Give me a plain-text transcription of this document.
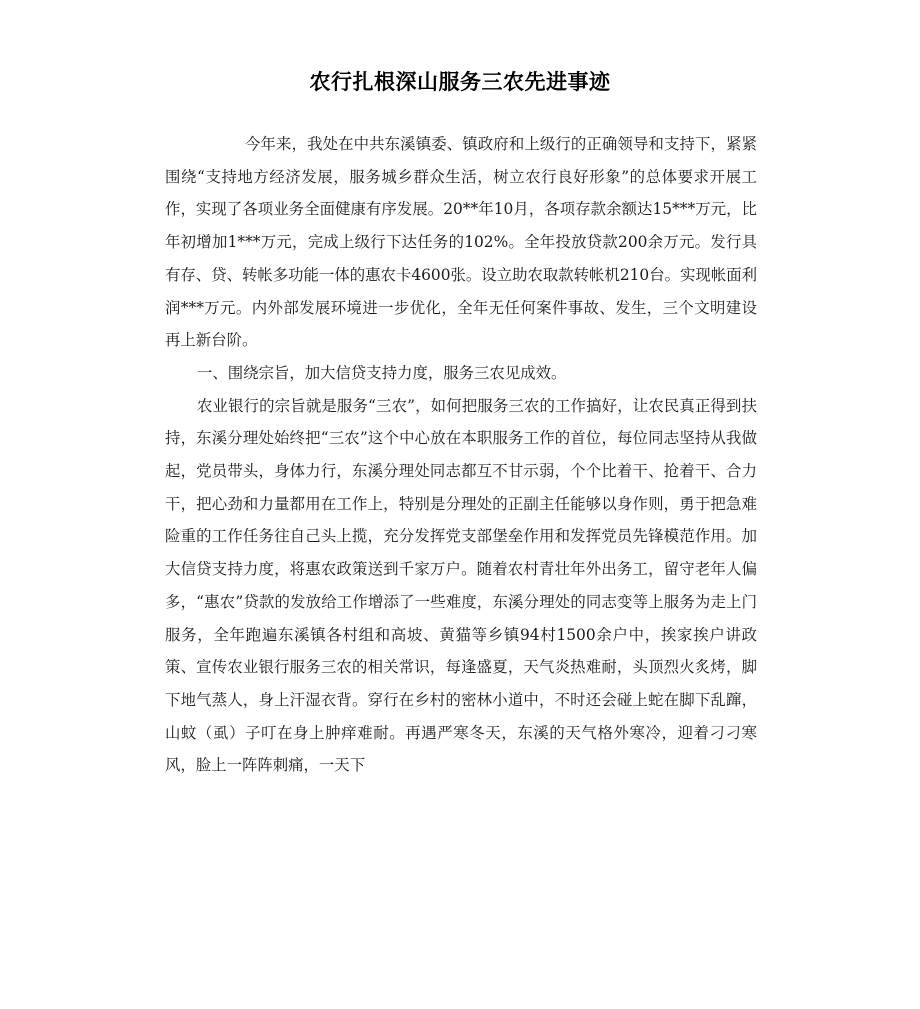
农行扎根深山服务三农先进事迹

今年来，我处在中共东溪镇委、镇政府和上级行的正确领导和支持下，紧紧围绕“支持地方经济发展，服务城乡群众生活，树立农行良好形象”的总体要求开展工作，实现了各项业务全面健康有序发展。20**年10月，各项存款余额达15***万元，比年初增加1***万元，完成上级行下达任务的102%。全年投放贷款200余万元。发行具有存、贷、转帐多功能一体的惠农卡4600张。设立助农取款转帐机210台。实现帐面利润***万元。内外部发展环境进一步优化，全年无任何案件事故、发生，三个文明建设再上新台阶。

一、围绕宗旨，加大信贷支持力度，服务三农见成效。

农业银行的宗旨就是服务“三农”，如何把服务三农的工作搞好，让农民真正得到扶持，东溪分理处始终把“三农”这个中心放在本职服务工作的首位，每位同志坚持从我做起，党员带头，身体力行，东溪分理处同志都互不甘示弱，个个比着干、抢着干、合力干，把心劲和力量都用在工作上，特别是分理处的正副主任能够以身作则，勇于把急难险重的工作任务往自己头上揽，充分发挥党支部堡垒作用和发挥党员先锋模范作用。加大信贷支持力度，将惠农政策送到千家万户。随着农村青壮年外出务工，留守老年人偏多，“惠农”贷款的发放给工作增添了一些难度，东溪分理处的同志变等上服务为走上门服务，全年跑遍东溪镇各村组和高坡、黄猫等乡镇94村1500余户中，挨家挨户讲政策、宣传农业银行服务三农的相关常识，每逢盛夏，天气炎热难耐，头顶烈火炙烤，脚下地气蒸人，身上汗湿衣背。穿行在乡村的密林小道中，不时还会碰上蛇在脚下乱蹿，山蚊（虱）子叮在身上肿痒难耐。再遇严寒冬天，东溪的天气格外寒冷，迎着刁刁寒风，脸上一阵阵刺痛，一天下
